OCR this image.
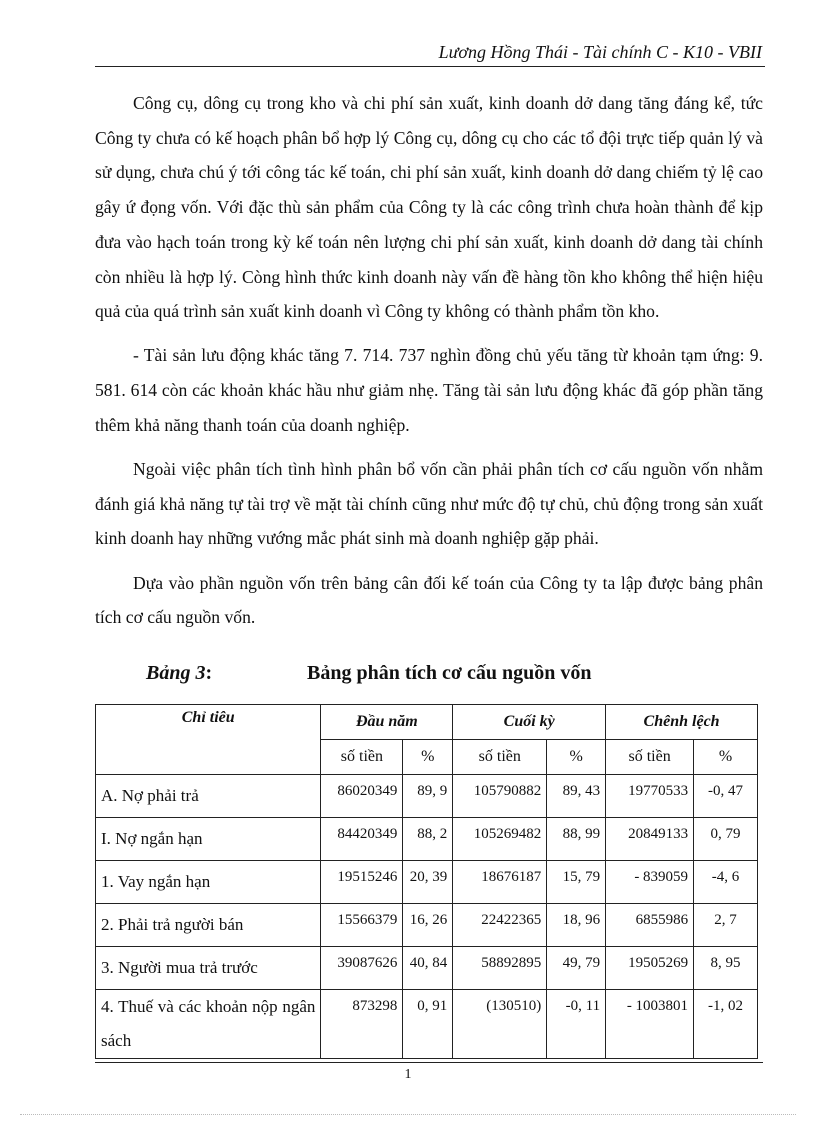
Lương Hồng Thái - Tài chính C - K10 - VBII

Công cụ, dông cụ trong kho và chi phí sản xuất, kinh doanh dở dang tăng đáng kể, tức Công ty chưa có kế hoạch phân bổ hợp lý Công cụ, dông cụ cho các tổ đội trực tiếp quản lý và sử dụng, chưa chú ý tới công tác kế toán, chi phí sản xuất, kinh doanh dở dang chiếm tỷ lệ cao gây ứ đọng vốn. Với đặc thù sản phẩm của Công ty là các công trình chưa hoàn thành để kịp đưa vào hạch toán trong kỳ kế toán nên lượng chi phí sản xuất, kinh doanh dở dang tài chính còn nhiều là hợp lý. Còng hình thức kinh doanh này vấn đề hàng tồn kho không thể hiện hiệu quả của quá trình sản xuất kinh doanh vì Công ty không có thành phẩm tồn kho.

- Tài sản lưu động khác tăng 7. 714. 737 nghìn đồng chủ yếu tăng từ khoản tạm ứng: 9. 581. 614 còn các khoản khác hầu như giảm nhẹ. Tăng tài sản lưu động khác đã góp phần tăng thêm khả năng thanh toán của doanh nghiệp.

Ngoài việc phân tích tình hình phân bổ vốn cần phải phân tích cơ cấu nguồn vốn nhằm đánh giá khả năng tự tài trợ về mặt tài chính cũng như mức độ tự chủ, chủ động trong sản xuất kinh doanh hay những vướng mắc phát sinh mà doanh nghiệp gặp phải.

Dựa vào phần nguồn vốn trên bảng cân đối kế toán của Công ty ta lập được bảng phân tích cơ cấu nguồn vốn.

Bảng 3:	Bảng phân tích cơ cấu nguồn vốn
Chỉ tiêu	Đầu năm		Cuối kỳ		Chênh lệch	
	số tiền	%	số tiền	%	số tiền	%
A. Nợ phải trả	86020349	89, 9	105790882	89, 43	19770533	-0, 47
I. Nợ ngắn hạn	84420349	88, 2	105269482	88, 99	20849133	0, 79
1. Vay ngắn hạn	19515246	20, 39	18676187	15, 79	- 839059	-4, 6
2. Phải trả người bán	15566379	16, 26	22422365	18, 96	6855986	2, 7
3. Người mua trả trước	39087626	40, 84	58892895	49, 79	19505269	8, 95
4. Thuế và các khoản nộp ngân sách	873298	0, 91	(130510)	-0, 11	- 1003801	-1, 02
1
